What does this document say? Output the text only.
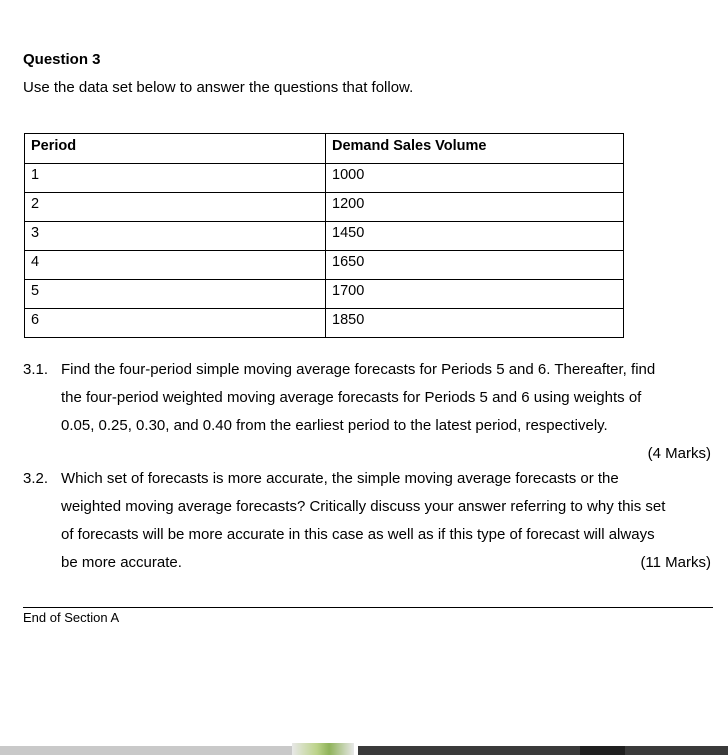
Question 3

Use the data set below to answer the questions that follow.

Period	Demand Sales Volume
1	1000
2	1200
3	1450
4	1650
5	1700
6	1850
3.1. Find the four-period simple moving average forecasts for Periods 5 and 6. Thereafter, find
the four-period weighted moving average forecasts for Periods 5 and 6 using weights of
0.05, 0.25, 0.30, and 0.40 from the earliest period to the latest period, respectively.
(4 Marks)
3.2. Which set of forecasts is more accurate, the simple moving average forecasts or the
weighted moving average forecasts? Critically discuss your answer referring to why this set
of forecasts will be more accurate in this case as well as if this type of forecast will always
be more accurate.	(11 Marks)
End of Section A
